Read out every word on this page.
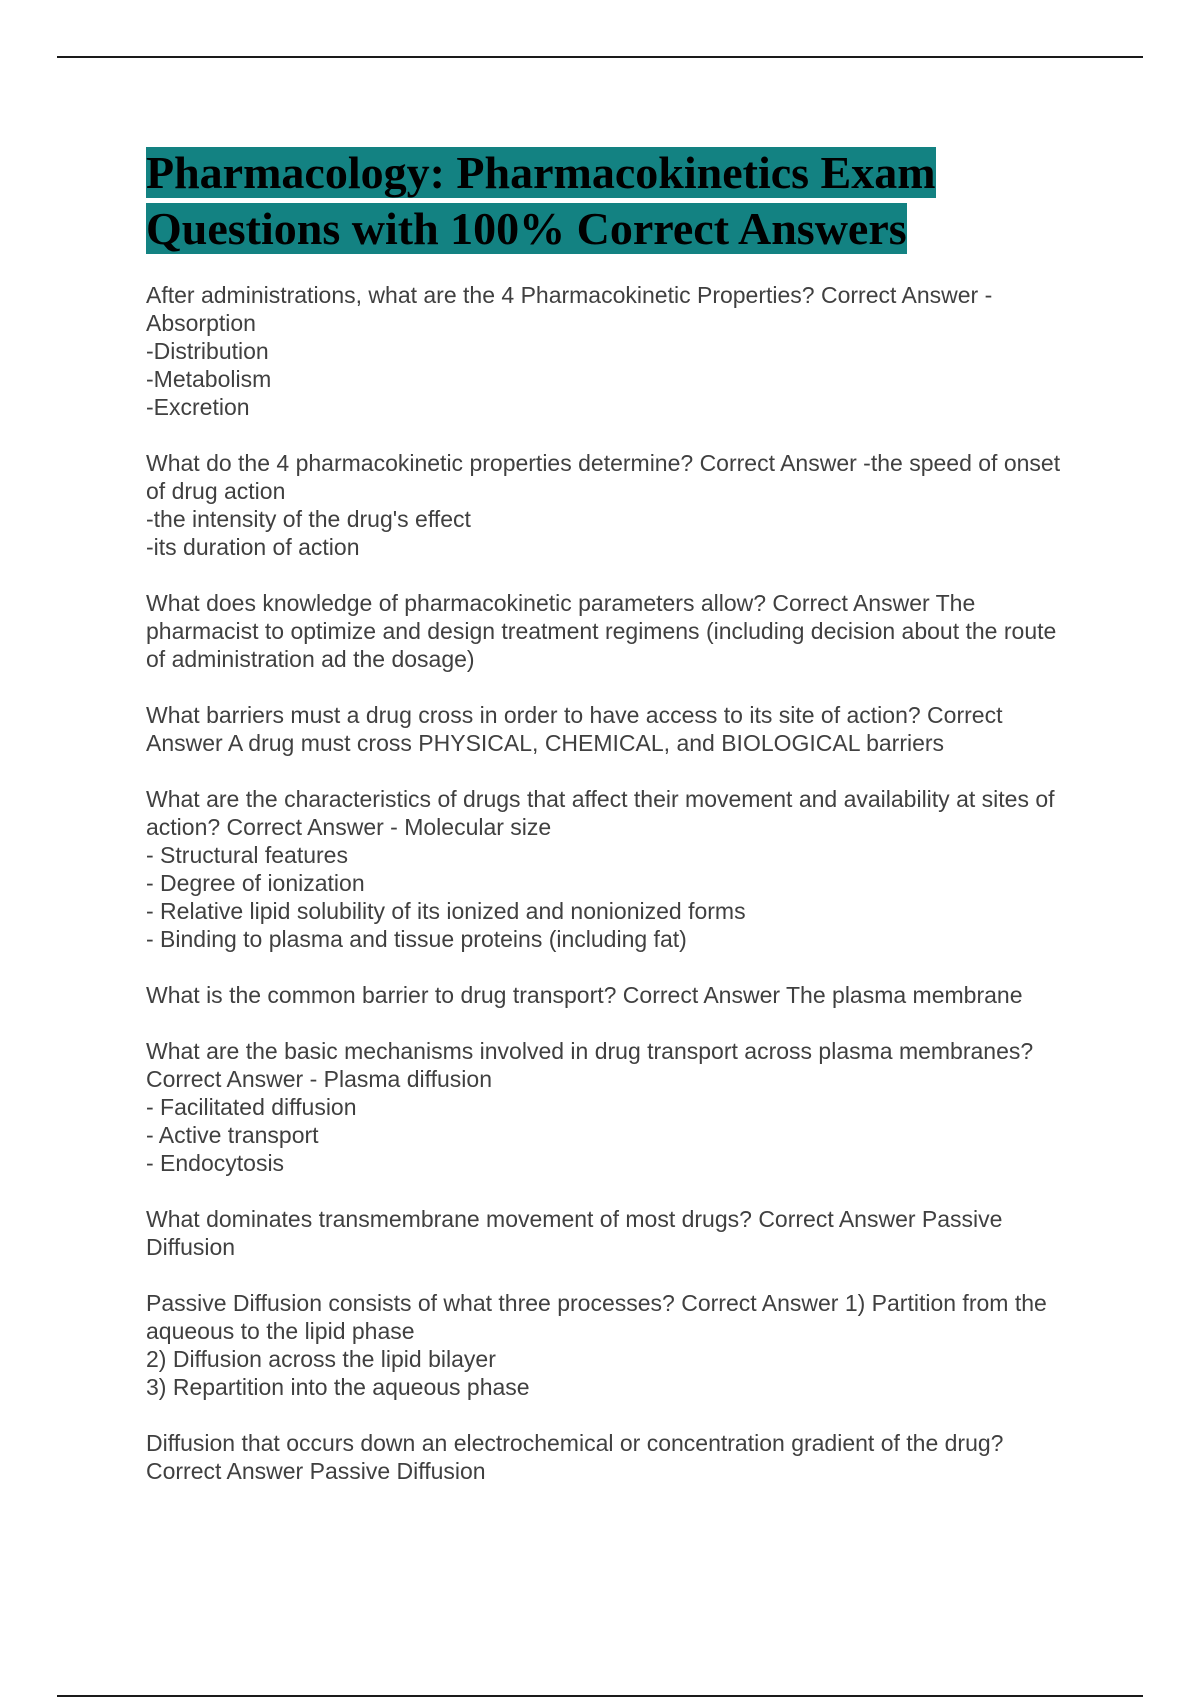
Pharmacology: Pharmacokinetics Exam Questions with 100% Correct Answers
After administrations, what are the 4 Pharmacokinetic Properties? Correct Answer - Absorption
-Distribution
-Metabolism
-Excretion
What do the 4 pharmacokinetic properties determine? Correct Answer -the speed of onset of drug action
-the intensity of the drug's effect
-its duration of action
What does knowledge of pharmacokinetic parameters allow? Correct Answer The pharmacist to optimize and design treatment regimens (including decision about the route of administration ad the dosage)
What barriers must a drug cross in order to have access to its site of action? Correct Answer A drug must cross PHYSICAL, CHEMICAL, and BIOLOGICAL barriers
What are the characteristics of drugs that affect their movement and availability at sites of action? Correct Answer - Molecular size
- Structural features
- Degree of ionization
- Relative lipid solubility of its ionized and nonionized forms
- Binding to plasma and tissue proteins (including fat)
What is the common barrier to drug transport? Correct Answer The plasma membrane
What are the basic mechanisms involved in drug transport across plasma membranes? Correct Answer - Plasma diffusion
- Facilitated diffusion
- Active transport
- Endocytosis
What dominates transmembrane movement of most drugs? Correct Answer Passive Diffusion
Passive Diffusion consists of what three processes? Correct Answer 1) Partition from the aqueous to the lipid phase
2) Diffusion across the lipid bilayer
3) Repartition into the aqueous phase
Diffusion that occurs down an electrochemical or concentration gradient of the drug? Correct Answer Passive Diffusion
